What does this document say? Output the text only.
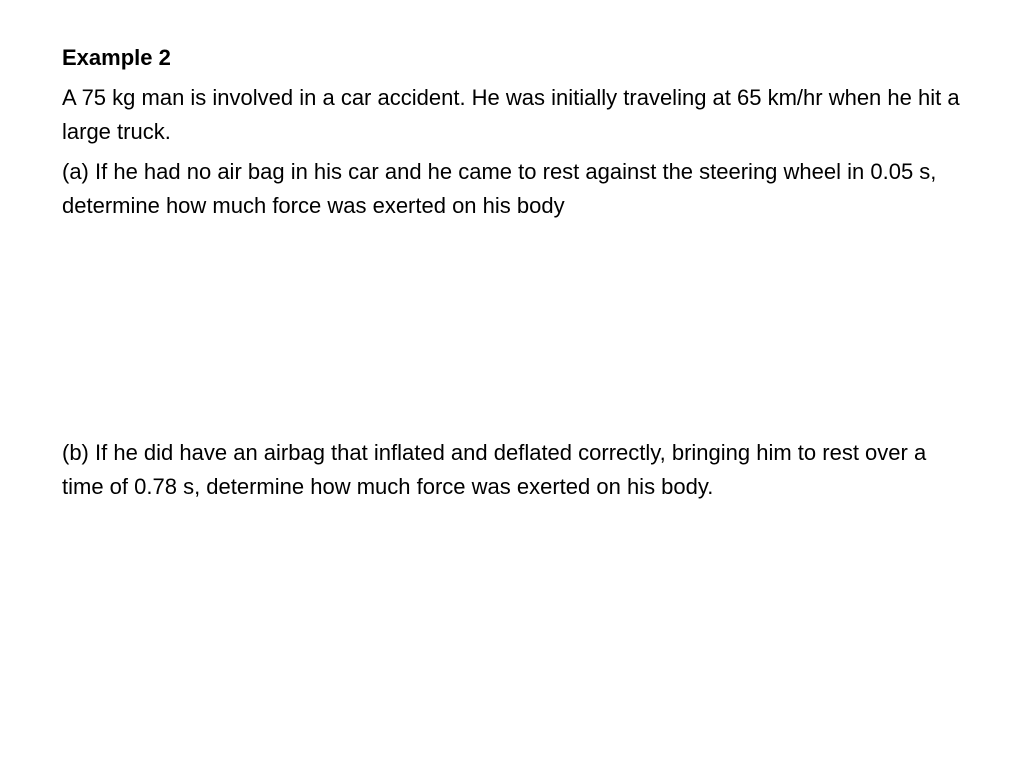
Example 2

A 75 kg man is involved in a car accident. He was initially traveling at 65 km/hr when he hit a large truck.

(a) If he had no air bag in his car and he came to rest against the steering wheel in 0.05 s, determine how much force was exerted on his body

(b) If he did have an airbag that inflated and deflated correctly, bringing him to rest over a time of 0.78 s, determine how much force was exerted on his body.
